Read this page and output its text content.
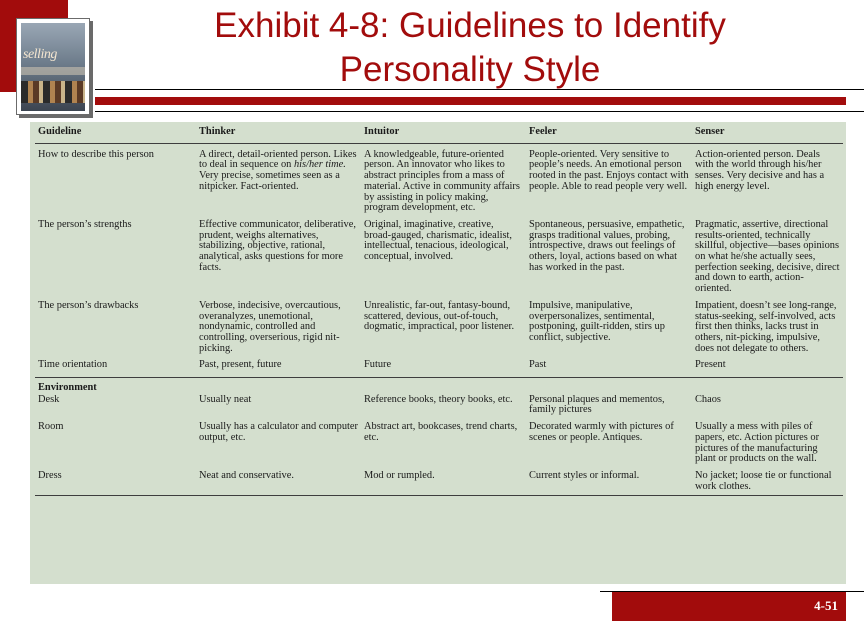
selling
Exhibit 4-8: Guidelines to Identify
Personality Style
Guideline	Thinker	Intuitor	Feeler	Senser
How to describe this person	A direct, detail-oriented person. Likes to deal in sequence on his/her time. Very precise, sometimes seen as a nitpicker. Fact-oriented.	A knowledgeable, future-oriented person. An innovator who likes to abstract principles from a mass of material. Active in community affairs by assisting in policy making, program development, etc.	People-oriented. Very sensitive to people’s needs. An emotional person rooted in the past. Enjoys contact with people. Able to read people very well.	Action-oriented person. Deals with the world through his/her senses. Very decisive and has a high energy level.
The person’s strengths	Effective communicator, deliberative, prudent, weighs alternatives, stabilizing, objective, rational, analytical, asks questions for more facts.	Original, imaginative, creative, broad-gauged, charismatic, idealist, intellectual, tenacious, ideological, conceptual, involved.	Spontaneous, persuasive, empathetic, grasps traditional values, probing, introspective, draws out feelings of others, loyal, actions based on what has worked in the past.	Pragmatic, assertive, directional results-oriented, technically skillful, objective—bases opinions on what he/she actually sees, perfection seeking, decisive, direct and down to earth, action-oriented.
The person’s drawbacks	Verbose, indecisive, overcautious, overanalyzes, unemotional, nondynamic, controlled and controlling, overserious, rigid nit-picking.	Unrealistic, far-out, fantasy-bound, scattered, devious, out-of-touch, dogmatic, impractical, poor listener.	Impulsive, manipulative, overpersonalizes, sentimental, postponing, guilt-ridden, stirs up conflict, subjective.	Impatient, doesn’t see long-range, status-seeking, self-involved, acts first then thinks, lacks trust in others, nit-picking, impulsive, does not delegate to others.
Time orientation	Past, present, future	Future	Past	Present
Environment				
Desk	Usually neat	Reference books, theory books, etc.	Personal plaques and mementos, family pictures	Chaos
Room	Usually has a calculator and computer output, etc.	Abstract art, bookcases, trend charts, etc.	Decorated warmly with pictures of scenes or people. Antiques.	Usually a mess with piles of papers, etc. Action pictures or pictures of the manufacturing plant or products on the wall.
Dress	Neat and conservative.	Mod or rumpled.	Current styles or informal.	No jacket; loose tie or functional work clothes.
4-51
